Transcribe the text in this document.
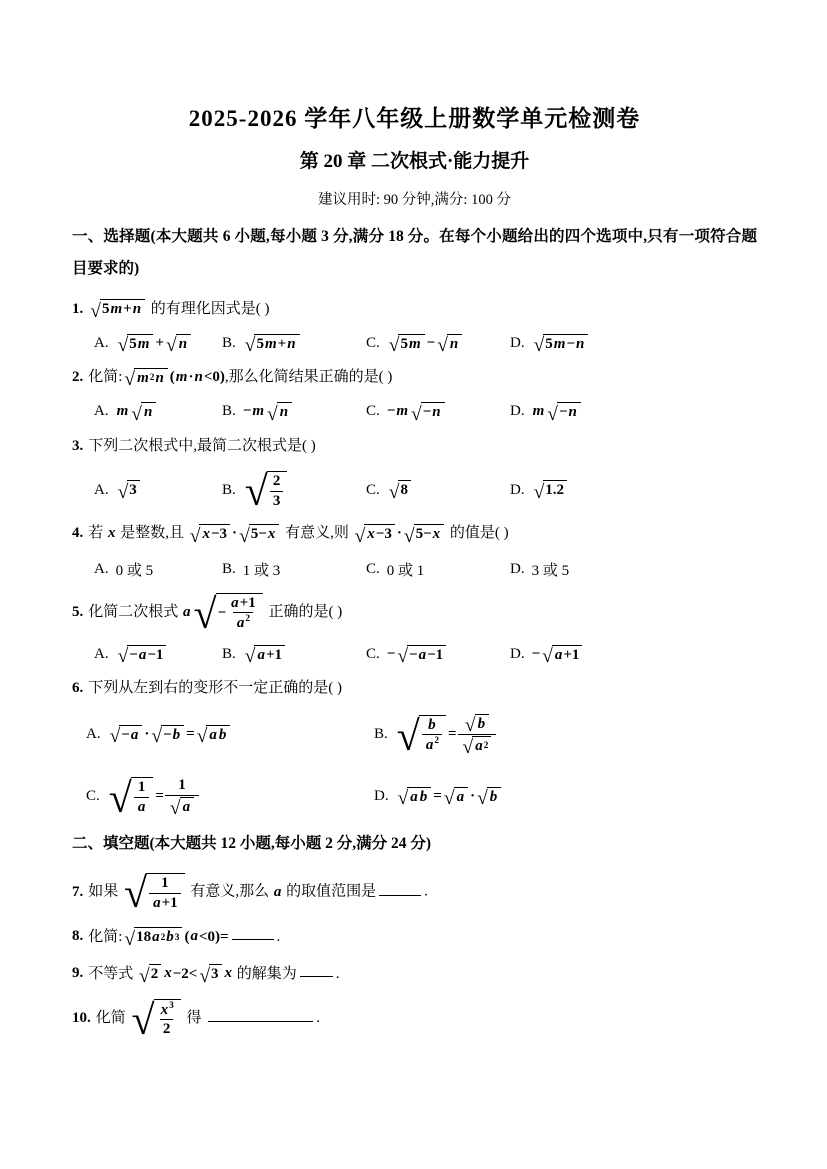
2025-2026 学年八年级上册数学单元检测卷
第 20 章 二次根式·能力提升
建议用时: 90 分钟,满分: 100 分
一、选择题(本大题共 6 小题,每小题 3 分,满分 18 分。在每个小题给出的四个选项中,只有一项符合题目要求的)
1. √ 5 m + n 的有理化因式是( )
A. √ 5 m + √ n B. √ 5 m + n	C. √ 5 m − √ n	D. √ 5 m − n
2. 化简: √ m 2 n (m·n<0),那么化简结果正确的是( )
A. m √ n	B. − m √ n	C. − m √ − n	D. m √ − n
3. 下列二次根式中,最简二次根式是( )
A. √ 3	B. √ $\frac{2}{3}$	C. √ 8	D. √ 1.2
4. 若 x 是整数,且 √ x −3 · √ 5− x 有意义,则 √ x −3 · √ 5− x 的值是( )
A. 0 或 5	B. 1 或 3	C. 0 或 1	D. 3 或 5
5. 化简二次根式 a √ − $\frac{a+1}{a^2}$ 正确的是( )
A. √ − a −1	B. √ a +1	C. − √ − a −1	D. − √ a +1
6. 下列从左到右的变形不一定正确的是( )
A. √ − a · √ − b = √ a b	B. √ $\frac{b}{a^2} = \frac{√ b}{√ a 2}$
C. √ $\frac{1}{a} = \frac{1}{√ a}$	D. √ a b = √ a · √ b
二、填空题(本大题共 12 小题,每小题 2 分,满分 24 分)
7. 如果 √ $\frac{1}{a+1}$ 有意义,那么 a 的取值范围是	.
8. 化简: √ 18 a 2 b 3 (a<0)=	.
9. 不等式 √ 2 x−2< √ 3 x 的解集为	.
10. 化简 √ $\frac{x^3}{2}$ 得	.
